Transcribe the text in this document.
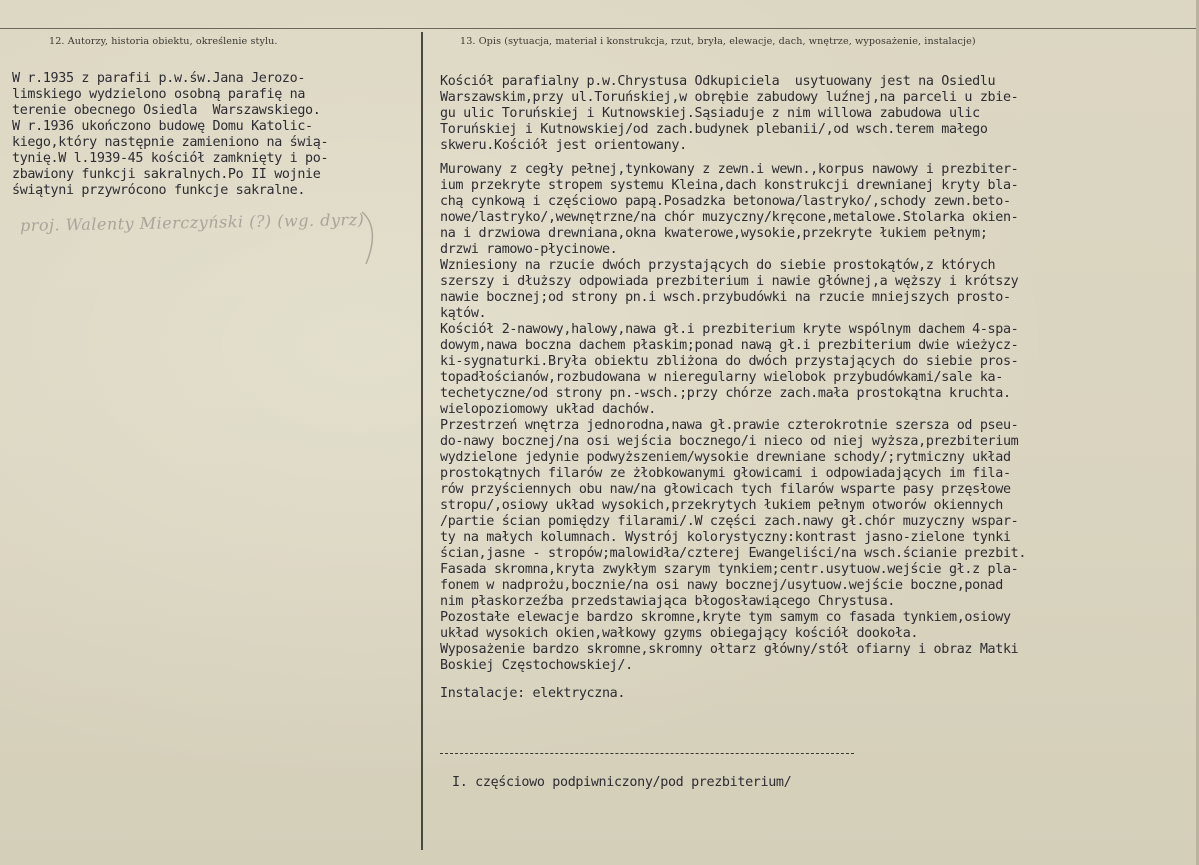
12. Autorzy, historia obiektu, określenie stylu.	13. Opis (sytuacja, materiał i konstrukcja, rzut, bryła, elewacje, dach, wnętrze, wyposażenie, instalacje)
W r.1935 z parafii p.w.św.Jana Jerozo-
limskiego wydzielono osobną parafię na
terenie obecnego Osiedla  Warszawskiego.
W r.1936 ukończono budowę Domu Katolic-
kiego,który następnie zamieniono na świą-
tynię.W l.1939-45 kościół zamknięty i po-
zbawiony funkcji sakralnych.Po II wojnie
świątyni przywrócono funkcje sakralne.
proj. Walenty Mierczyński (?) (wg. dyrz)
Kościół parafialny p.w.Chrystusa Odkupiciela  usytuowany jest na Osiedlu
Warszawskim,przy ul.Toruńskiej,w obrębie zabudowy luźnej,na parceli u zbie-
gu ulic Toruńskiej i Kutnowskiej.Sąsiaduje z nim willowa zabudowa ulic
Toruńskiej i Kutnowskiej/od zach.budynek plebanii/,od wsch.terem małego
skweru.Kościół jest orientowany.
Murowany z cegły pełnej,tynkowany z zewn.i wewn.,korpus nawowy i prezbiter-
ium przekryte stropem systemu Kleina,dach konstrukcji drewnianej kryty bla-
chą cynkową i częściowo papą.Posadzka betonowa/lastryko/,schody zewn.beto-
nowe/lastryko/,wewnętrzne/na chór muzyczny/kręcone,metalowe.Stolarka okien-
na i drzwiowa drewniana,okna kwaterowe,wysokie,przekryte łukiem pełnym;
drzwi ramowo-płycinowe.
Wzniesiony na rzucie dwóch przystających do siebie prostokątów,z których
szerszy i dłuższy odpowiada prezbiterium i nawie głównej,a węższy i krótszy
nawie bocznej;od strony pn.i wsch.przybudówki na rzucie mniejszych prosto-
kątów.
Kościół 2-nawowy,halowy,nawa gł.i prezbiterium kryte wspólnym dachem 4-spa-
dowym,nawa boczna dachem płaskim;ponad nawą gł.i prezbiterium dwie wieżycz-
ki-sygnaturki.Bryła obiektu zbliżona do dwóch przystających do siebie pros-
topadłościanów,rozbudowana w nieregularny wielobok przybudówkami/sale ka-
techetyczne/od strony pn.-wsch.;przy chórze zach.mała prostokątna kruchta.
wielopoziomowy układ dachów.
Przestrzeń wnętrza jednorodna,nawa gł.prawie czterokrotnie szersza od pseu-
do-nawy bocznej/na osi wejścia bocznego/i nieco od niej wyższa,prezbiterium
wydzielone jedynie podwyższeniem/wysokie drewniane schody/;rytmiczny układ
prostokątnych filarów ze żłobkowanymi głowicami i odpowiadających im fila-
rów przyściennych obu naw/na głowicach tych filarów wsparte pasy przęsłowe
stropu/,osiowy układ wysokich,przekrytych łukiem pełnym otworów okiennych
/partie ścian pomiędzy filarami/.W części zach.nawy gł.chór muzyczny wspar-
ty na małych kolumnach. Wystrój kolorystyczny:kontrast jasno-zielone tynki
ścian,jasne - stropów;malowidła/czterej Ewangeliści/na wsch.ścianie prezbit.
Fasada skromna,kryta zwykłym szarym tynkiem;centr.usytuow.wejście gł.z pla-
fonem w nadprożu,bocznie/na osi nawy bocznej/usytuow.wejście boczne,ponad
nim płaskorzeźba przedstawiająca błogosławiącego Chrystusa.
Pozostałe elewacje bardzo skromne,kryte tym samym co fasada tynkiem,osiowy
układ wysokich okien,wałkowy gzyms obiegający kościół dookoła.
Wyposażenie bardzo skromne,skromny ołtarz główny/stół ofiarny i obraz Matki
Boskiej Częstochowskiej/.
Instalacje: elektryczna.
I. częściowo podpiwniczony/pod prezbiterium/
